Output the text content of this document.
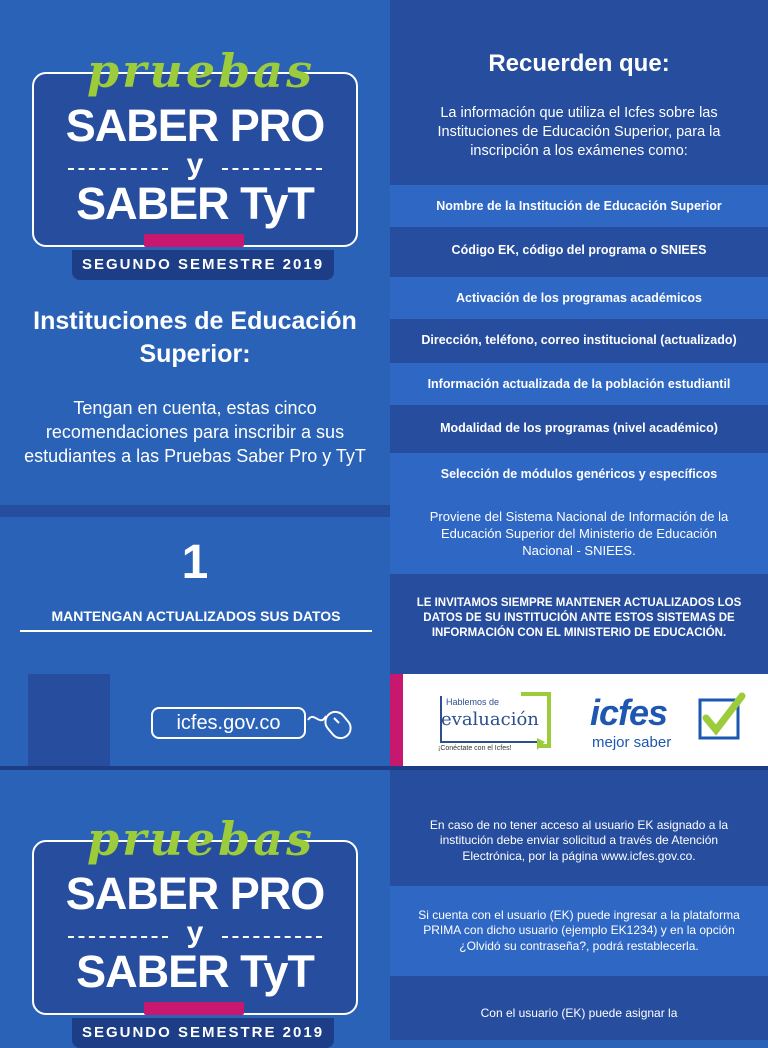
pruebas
SABER PRO
y
SABER TyT
SEGUNDO SEMESTRE 2019
Instituciones de Educación Superior:
Tengan en cuenta, estas cinco recomendaciones para inscribir a sus estudiantes a las Pruebas Saber Pro y TyT
1
MANTENGAN ACTUALIZADOS SUS DATOS
Recuerden que:
La información que utiliza el Icfes sobre las Instituciones de Educación Superior, para la inscripción a los exámenes como:
Nombre de la Institución de Educación Superior
Código EK, código del programa o SNIEES
Activación de los programas académicos
Dirección, teléfono, correo institucional (actualizado)
Información actualizada de la población estudiantil
Modalidad de los programas (nivel académico)
Selección de módulos genéricos y específicos
Proviene del Sistema Nacional de Información de la Educación Superior del Ministerio de Educación Nacional - SNIEES.
LE INVITAMOS SIEMPRE MANTENER ACTUALIZADOS LOS DATOS DE SU INSTITUCIÓN ANTE ESTOS SISTEMAS DE INFORMACIÓN CON EL MINISTERIO DE EDUCACIÓN.
icfes.gov.co
Hablemos de
evaluación
¡Conéctate con el Icfes!
icfes
mejor saber
pruebas
SABER PRO
y
SABER TyT
SEGUNDO SEMESTRE 2019
En caso de no tener acceso al usuario EK asignado a la institución debe enviar solicitud a través de Atención Electrónica, por la página www.icfes.gov.co.
Si cuenta con el usuario (EK) puede ingresar a la plataforma PRIMA con dicho usuario (ejemplo EK1234) y en la opción ¿Olvidó su contraseña?, podrá restablecerla.
Con el usuario (EK) puede asignar la
